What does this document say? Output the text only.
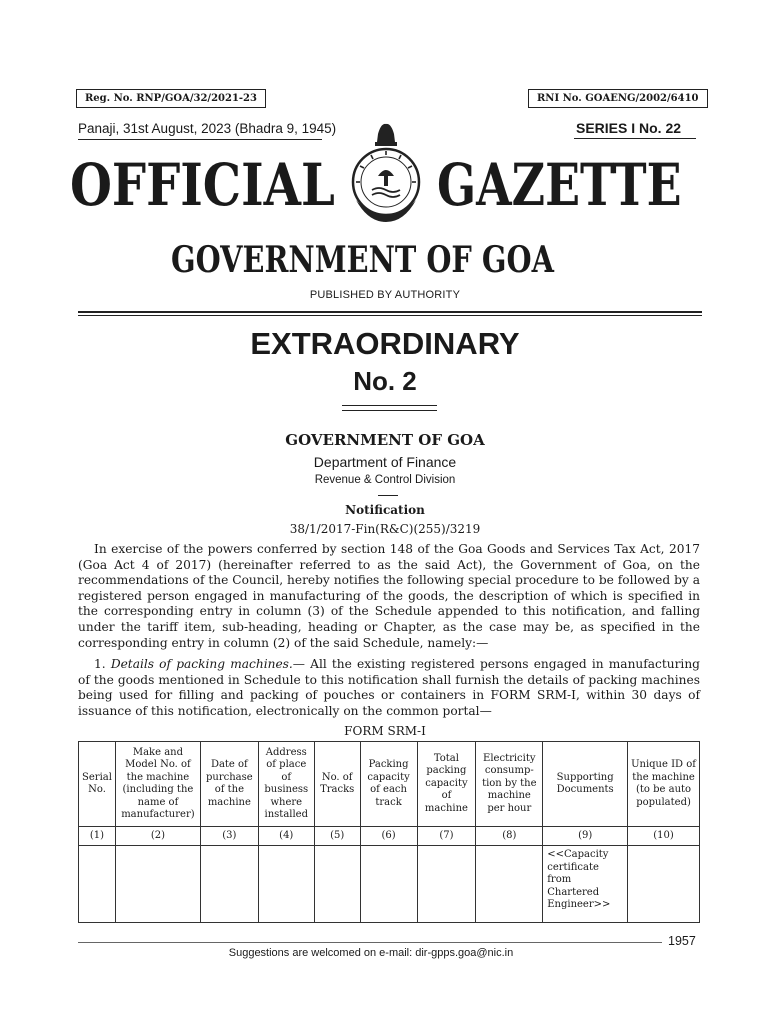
Reg. No. RNP/GOA/32/2021-23	RNI No. GOAENG/2002/6410
Panaji, 31st August, 2023 (Bhadra 9, 1945)	SERIES I No. 22
OFFICIAL GAZETTE
GOVERNMENT OF GOA
PUBLISHED BY AUTHORITY
EXTRAORDINARY
No. 2
GOVERNMENT OF GOA
Department of Finance
Revenue & Control Division
Notification
38/1/2017-Fin(R&C)(255)/3219
In exercise of the powers conferred by section 148 of the Goa Goods and Services Tax Act, 2017 (Goa Act 4 of 2017) (hereinafter referred to as the said Act), the Government of Goa, on the recommendations of the Council, hereby notifies the following special procedure to be followed by a registered person engaged in manufacturing of the goods, the description of which is specified in the corresponding entry in column (3) of the Schedule appended to this notification, and falling under the tariff item, sub-heading, heading or Chapter, as the case may be, as specified in the corresponding entry in column (2) of the said Schedule, namely:—
1. Details of packing machines.— All the existing registered persons engaged in manufacturing of the goods mentioned in Schedule to this notification shall furnish the details of packing machines being used for filling and packing of pouches or containers in FORM SRM-I, within 30 days of issuance of this notification, electronically on the common portal—
FORM SRM-I
Serial No.	Make and Model No. of the machine (including the name of manufacturer)	Date of purchase of the machine	Address of place of business where installed	No. of Tracks	Packing capacity of each track	Total packing capacity of machine	Electricity consump-tion by the machine per hour	Supporting Documents	Unique ID of the machine (to be auto populated)
(1)	(2)	(3)	(4)	(5)	(6)	(7)	(8)	(9)	(10)
								<<Capacity certificate from Chartered Engineer>>	
1957
Suggestions are welcomed on e-mail: dir-gpps.goa@nic.in
